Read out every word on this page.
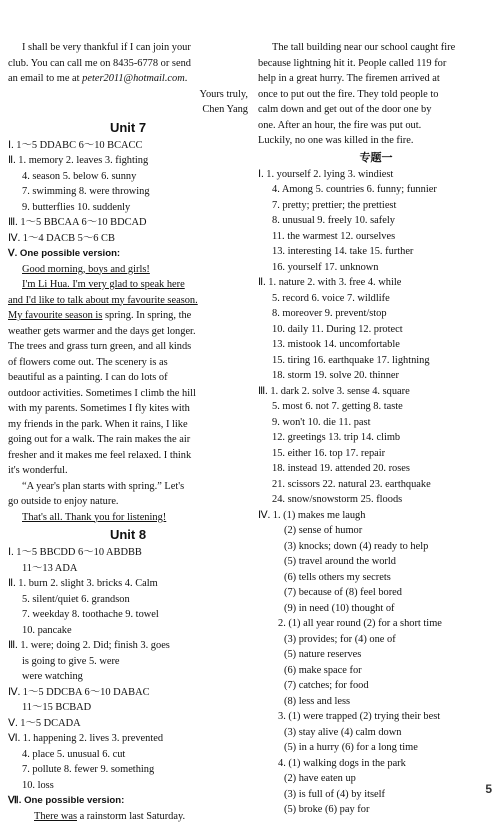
I shall be very thankful if I can join your
club. You can call me on 8435-6778 or send
an email to me at peter2011@hotmail.com.
Yours truly,
Chen Yang
Unit 7
Ⅰ. 1～5 DDABC 6～10 BCACC
Ⅱ. 1. memory 2. leaves 3. fighting
4. season 5. below 6. sunny
7. swimming 8. were throwing
9. butterflies 10. suddenly
Ⅲ. 1～5 BBCAA 6～10 BDCAD
Ⅳ. 1～4 DACB 5～6 CB
Ⅴ. One possible version:
Good morning, boys and girls!
I'm Li Hua. I'm very glad to speak here
and I'd like to talk about my favourite season.
My favourite season is spring. In spring, the
weather gets warmer and the days get longer.
The trees and grass turn green, and all kinds
of flowers come out. The scenery is as
beautiful as a painting. I can do lots of
outdoor activities. Sometimes I climb the hill
with my parents. Sometimes I fly kites with
my friends in the park. When it rains, I like
going out for a walk. The rain makes the air
fresher and it makes me feel relaxed. I think
it's wonderful.
“A year's plan starts with spring.” Let's
go outside to enjoy nature.
That's all. Thank you for listening!
Unit 8
Ⅰ. 1～5 BBCDD 6～10 ABDBB
11～13 ADA
Ⅱ. 1. burn 2. slight 3. bricks 4. Calm
5. silent/quiet 6. grandson
7. weekday 8. toothache 9. towel
10. pancake
Ⅲ. 1. were; doing 2. Did; finish 3. goes
is going to give 5. were
were watching
Ⅳ. 1～5 DDCBA 6～10 DABAC
11～15 BCBAD
Ⅴ. 1～5 DCADA
Ⅵ. 1. happening 2. lives 3. prevented
4. place 5. unusual 6. cut
7. pollute 8. fewer 9. something
10. loss
Ⅶ. One possible version:
There was a rainstorm last Saturday.
The tall building near our school caught fire
because lightning hit it. People called 119 for
help in a great hurry. The firemen arrived at
once to put out the fire. They told people to
calm down and get out of the door one by
one. After an hour, the fire was put out.
Luckily, no one was killed in the fire.
专题一
Ⅰ. 1. yourself 2. lying 3. windiest
4. Among 5. countries 6. funny; funnier
7. pretty; prettier; the prettiest
8. unusual 9. freely 10. safely
11. the warmest 12. ourselves
13. interesting 14. take 15. further
16. yourself 17. unknown
Ⅱ. 1. nature 2. with 3. free 4. while
5. record 6. voice 7. wildlife
8. moreover 9. prevent/stop
10. daily 11. During 12. protect
13. mistook 14. uncomfortable
15. tiring 16. earthquake 17. lightning
18. storm 19. solve 20. thinner
Ⅲ. 1. dark 2. solve 3. sense 4. square
5. most 6. not 7. getting 8. taste
9. won't 10. die 11. past
12. greetings 13. trip 14. climb
15. either 16. top 17. repair
18. instead 19. attended 20. roses
21. scissors 22. natural 23. earthquake
24. snow/snowstorm 25. floods
Ⅳ. 1. (1) makes me laugh
(2) sense of humor
(3) knocks; down (4) ready to help
(5) travel around the world
(6) tells others my secrets
(7) because of (8) feel bored
(9) in need (10) thought of
2. (1) all year round (2) for a short time
(3) provides; for (4) one of
(5) nature reserves
(6) make space for
(7) catches; for food
(8) less and less
3. (1) were trapped (2) trying their best
(3) stay alive (4) calm down
(5) in a hurry (6) for a long time
4. (1) walking dogs in the park
(2) have eaten up
(3) is full of (4) by itself
(5) broke (6) pay for
5
